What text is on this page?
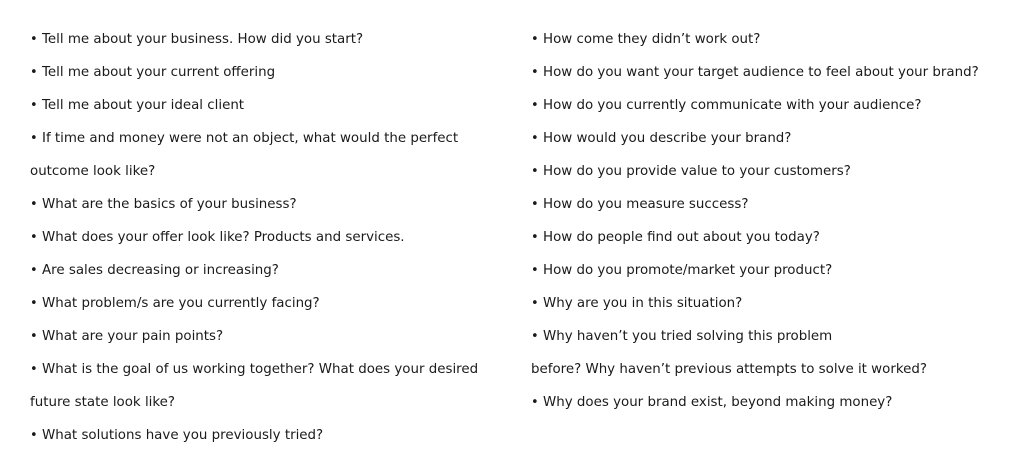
• Tell me about your business. How did you start?
• Tell me about your current offering
• Tell me about your ideal client
• If time and money were not an object, what would the perfect
outcome look like?
• What are the basics of your business?
• What does your offer look like? Products and services.
• Are sales decreasing or increasing?
• What problem/s are you currently facing?
• What are your pain points?
• What is the goal of us working together? What does your desired
future state look like?
• What solutions have you previously tried?
• How come they didn’t work out?
• How do you want your target audience to feel about your brand?
• How do you currently communicate with your audience?
• How would you describe your brand?
• How do you provide value to your customers?
• How do you measure success?
• How do people find out about you today?
• How do you promote/market your product?
• Why are you in this situation?
• Why haven’t you tried solving this problem
before? Why haven’t previous attempts to solve it worked?
• Why does your brand exist, beyond making money?
